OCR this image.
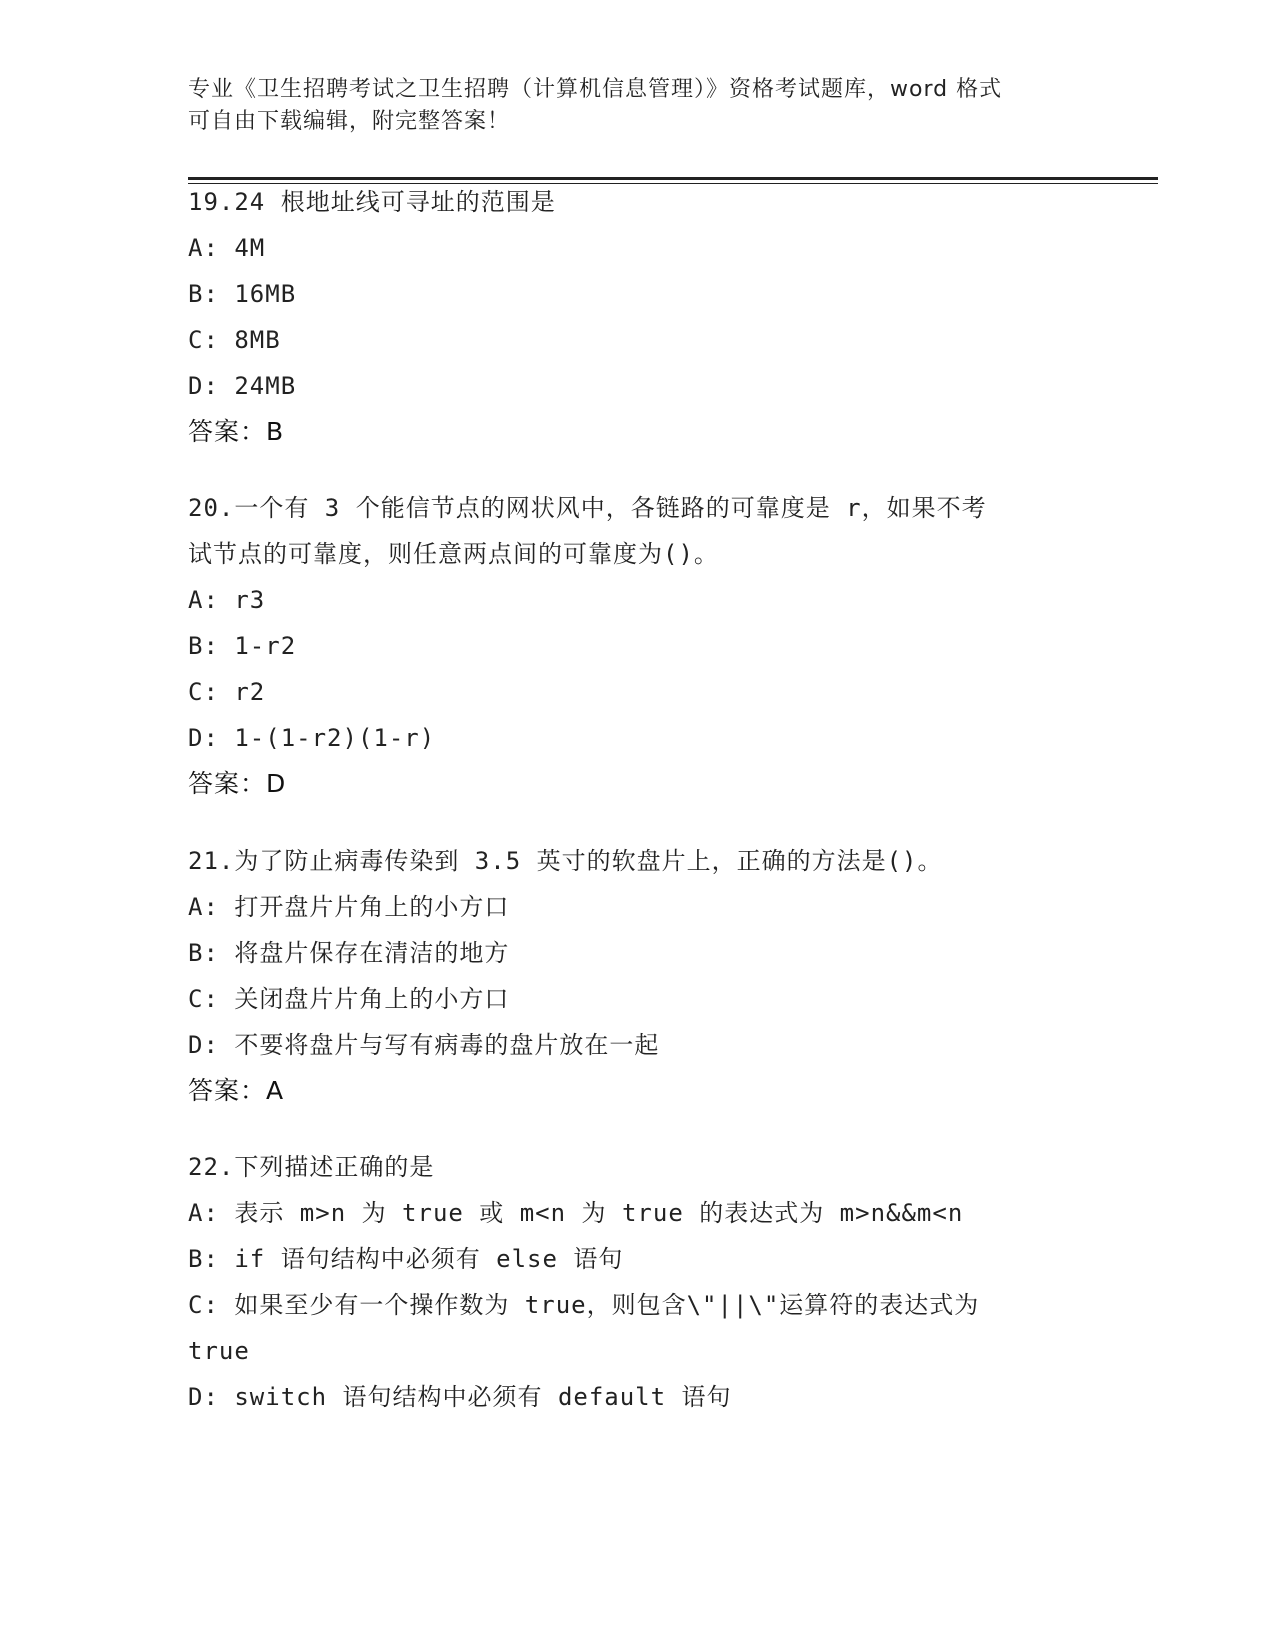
专业《卫生招聘考试之卫生招聘（计算机信息管理）》资格考试题库，word 格式
可自由下载编辑，附完整答案！
19.24 根地址线可寻址的范围是
A: 4M
B: 16MB
C: 8MB
D: 24MB
答案：B
20.一个有 3 个能信节点的网状风中，各链路的可靠度是 r，如果不考
试节点的可靠度，则任意两点间的可靠度为()。
A: r3
B: 1-r2
C: r2
D: 1-(1-r2)(1-r)
答案：D
21.为了防止病毒传染到 3.5 英寸的软盘片上，正确的方法是()。
A: 打开盘片片角上的小方口
B: 将盘片保存在清洁的地方
C: 关闭盘片片角上的小方口
D: 不要将盘片与写有病毒的盘片放在一起
答案：A
22.下列描述正确的是
A: 表示 m>n 为 true 或 m<n 为 true 的表达式为 m>n&&m<n
B: if 语句结构中必须有 else 语句
C: 如果至少有一个操作数为 true，则包含\"||\"运算符的表达式为
true
D: switch 语句结构中必须有 default 语句
